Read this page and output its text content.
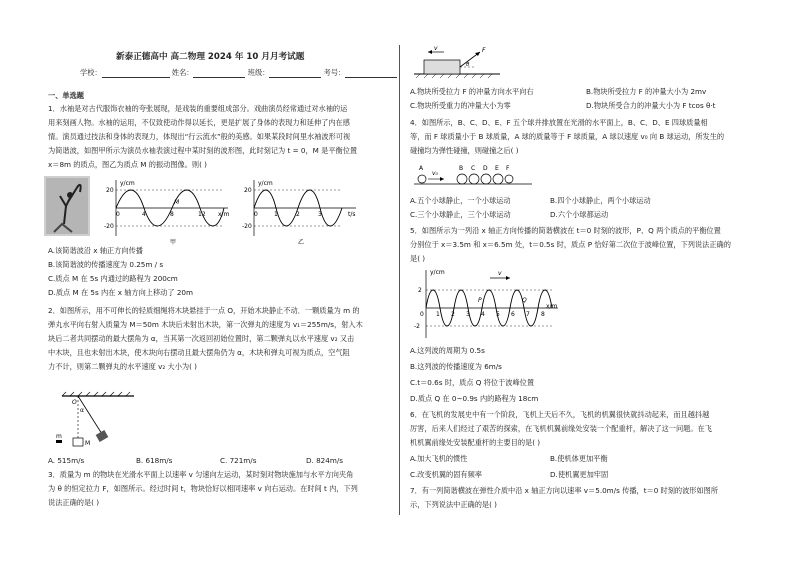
新泰正德高中 高二物理 2024 年 10 月月考试题
学校：	姓名：	班级：	考号：
一、单选题
1．水袖是对古代服饰衣袖的夸张展现，是戏装的重要组成部分。戏曲演员经常通过对水袖的运
用来刻画人物。水袖的运用，不仅致使动作得以延长，更是扩展了身体的表现力和延伸了内在感
情。演员通过技法和身体的表现力，体现出“行云流水”般的美感。如果某段时间里水袖波形可视
为简谐波，如图甲所示为演员水袖表演过程中某时刻的波形图，此时刻记为 t = 0，M 是平衡位置
x＝8m 的质点，图乙为质点 M 的振动图像。则( )
y/cm
20
-20
0	4	8	12
M
x/m
甲
y/cm
20
-20
0	1	2	3	t/s
乙
A.该简谐波沿 x 轴正方向传播
B.该简谐波的传播速度为 0.25m / s
C.质点 M 在 5s 内通过的路程为 200cm
D.质点 M 在 5s 内在 x 轴方向上移动了 20m
2．如图所示，用不可伸长的轻质细绳将木块悬挂于一点 O，开始木块静止不动．一颗质量为 m 的
弹丸水平向右射入质量为 M＝50m 木块后未射出木块，第一次弹丸的速度为 v₁＝255m/s，射入木
块后二者共同摆动的最大摆角为 α，当其第一次返回初始位置时，第二颗弹丸以水平速度 v₂ 又击
中木块，且也未射出木块，使木块向右摆动且最大摆角仍为 α，木块和弹丸可视为质点，空气阻
力不计，则第二颗弹丸的水平速度 v₂ 大小为( )
O
α
M
m
A. 515m/s	B. 618m/s	C. 721m/s	D. 824m/s
3．质量为 m 的物块在光滑水平面上以速率 v 匀速向左运动，某时刻对物块施加与水平方向夹角
为 θ 的恒定拉力 F，如图所示。经过时间 t，物块恰好以相同速率 v 向右运动。在时间 t 内，下列
说法正确的是( )
v	F
θ
A.物块所受拉力 F 的冲量方向水平向右	B.物块所受拉力 F 的冲量大小为 2mv
C.物块所受重力的冲量大小为零	D.物块所受合力的冲量大小为 F tcos θ·t
4．如图所示，B、C、D、E、F 五个球并排放置在光滑的水平面上，B、C、D、E 四球质量相
等，而 F 球质量小于 B 球质量，A 球的质量等于 F 球质量，A 球以速度 v₀ 向 B 球运动，所发生的
碰撞均为弹性碰撞，则碰撞之后( )
A	B C D E F
v₀
A.五个小球静止，一个小球运动	B.四个小球静止，两个小球运动
C.三个小球静止，三个小球运动	D.六个小球都运动
5．如图所示为一列沿 x 轴正方向传播的简谐横波在 t＝0 时刻的波形，P、Q 两个质点的平衡位置
分别位于 x＝3.5m 和 x＝6.5m 处，t＝0.5s 时，质点 P 恰好第二次位于波峰位置，下列说法正确的
是( )
y/cm
2
-2
0 1 2 3 4 5 6 7 8
x/m
P	Q
v
A.这列波的周期为 0.5s
B.这列波的传播速度为 6m/s
C.t＝0.6s 时，质点 Q 将位于波峰位置
D.质点 Q 在 0~0.9s 内的路程为 18cm
6．在飞机的发展史中有一个阶段，飞机上天后不久，飞机的机翼很快就抖动起来，而且越抖越
厉害，后来人们经过了艰苦的探索，在飞机机翼前缘处安装一个配重杆，解决了这一问题。在飞
机机翼前缘处安装配重杆的主要目的是( )
A.加大飞机的惯性	B.使机体更加平衡
C.改变机翼的固有频率	D.使机翼更加牢固
7．有一列简谐横波在弹性介质中沿 x 轴正方向以速率 v＝5.0m/s 传播，t＝0 时刻的波形如图所
示，下列说法中正确的是( )
